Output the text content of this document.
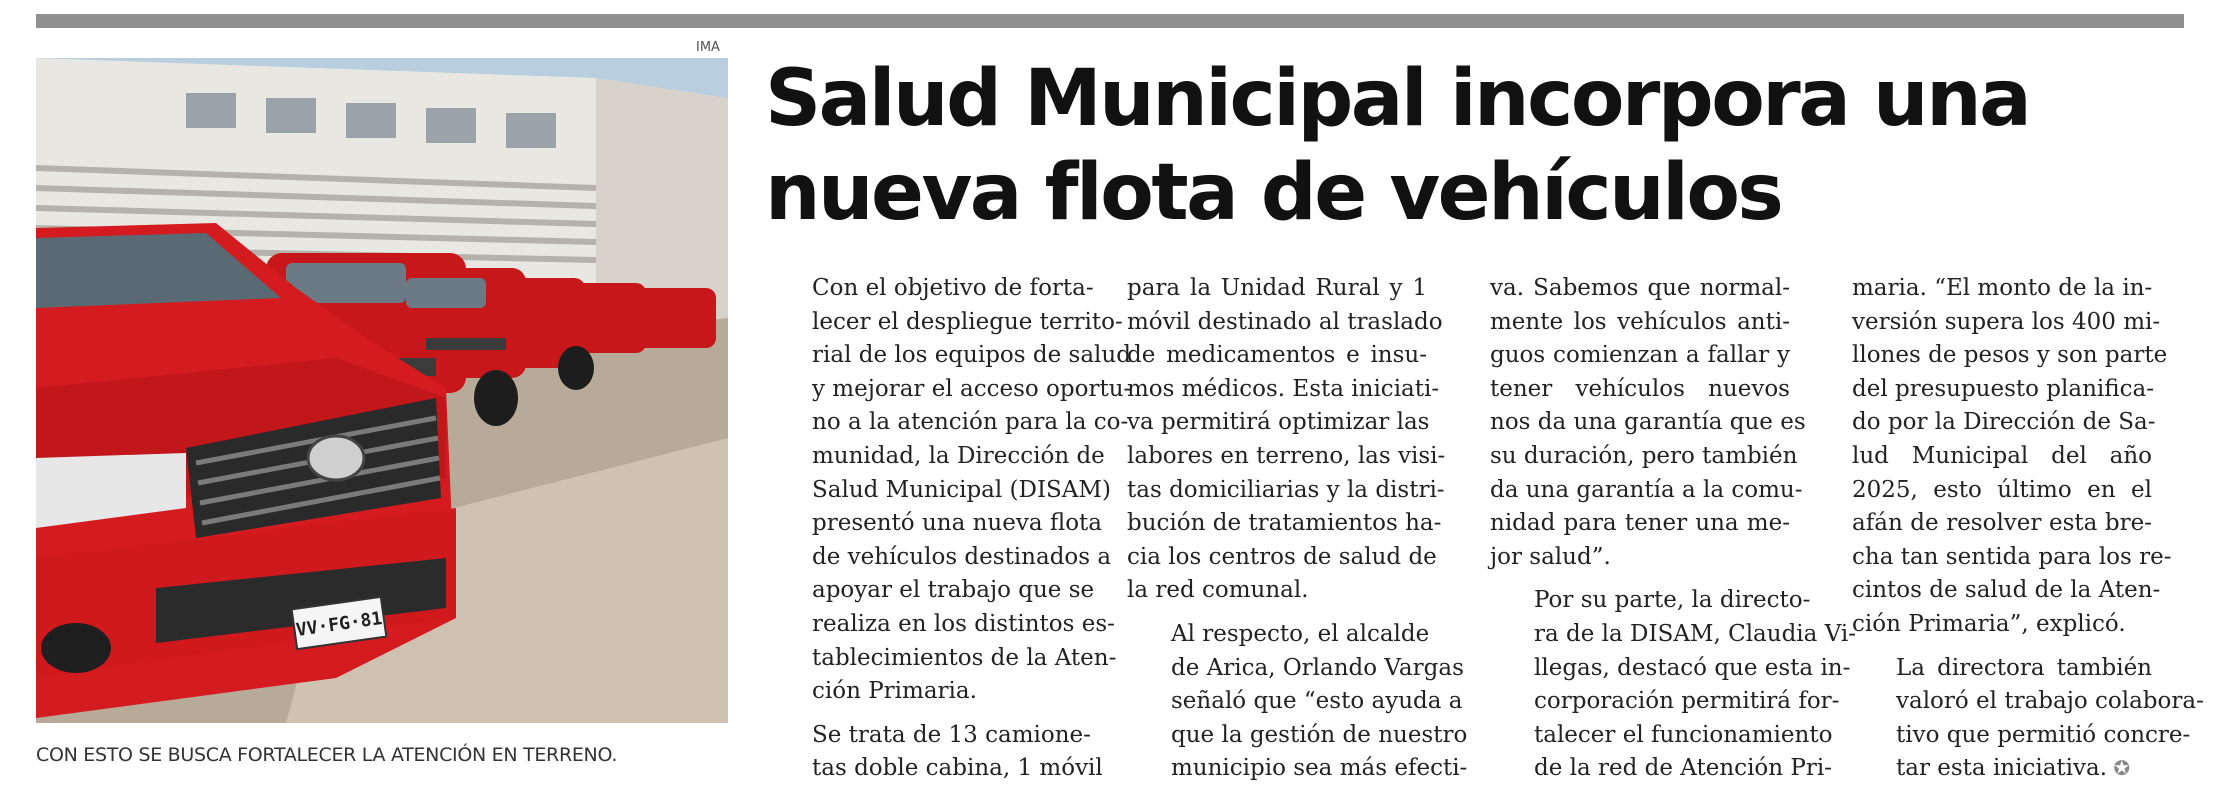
IMA
VV·FG·81
CON ESTO SE BUSCA FORTALECER LA ATENCIÓN EN TERRENO.
Salud Municipal incorpora una
nueva flota de vehículos

Con el objetivo de forta-
lecer el despliegue territo-
rial de los equipos de salud
y mejorar el acceso oportu-
no a la atención para la co-
munidad, la Dirección de
Salud Municipal (DISAM)
presentó una nueva flota
de vehículos destinados a
apoyar el trabajo que se
realiza en los distintos es-
tablecimientos de la Aten-
ción Primaria.

Se trata de 13 camione-
tas doble cabina, 1 móvil

para la Unidad Rural y 1
móvil destinado al traslado
de medicamentos e insu-
mos médicos. Esta iniciati-
va permitirá optimizar las
labores en terreno, las visi-
tas domiciliarias y la distri-
bución de tratamientos ha-
cia los centros de salud de
la red comunal.

Al respecto, el alcalde
de Arica, Orlando Vargas
señaló que “esto ayuda a
que la gestión de nuestro
municipio sea más efecti-

va. Sabemos que normal-
mente los vehículos anti-
guos comienzan a fallar y
tener vehículos nuevos
nos da una garantía que es
su duración, pero también
da una garantía a la comu-
nidad para tener una me-
jor salud”.

Por su parte, la directo-
ra de la DISAM, Claudia Vi-
llegas, destacó que esta in-
corporación permitirá for-
talecer el funcionamiento
de la red de Atención Pri-

maria. “El monto de la in-
versión supera los 400 mi-
llones de pesos y son parte
del presupuesto planifica-
do por la Dirección de Sa-
lud Municipal del año
2025, esto último en el
afán de resolver esta bre-
cha tan sentida para los re-
cintos de salud de la Aten-
ción Primaria”, explicó.

La directora también
valoró el trabajo colabora-
tivo que permitió concre-
tar esta iniciativa. ✪
